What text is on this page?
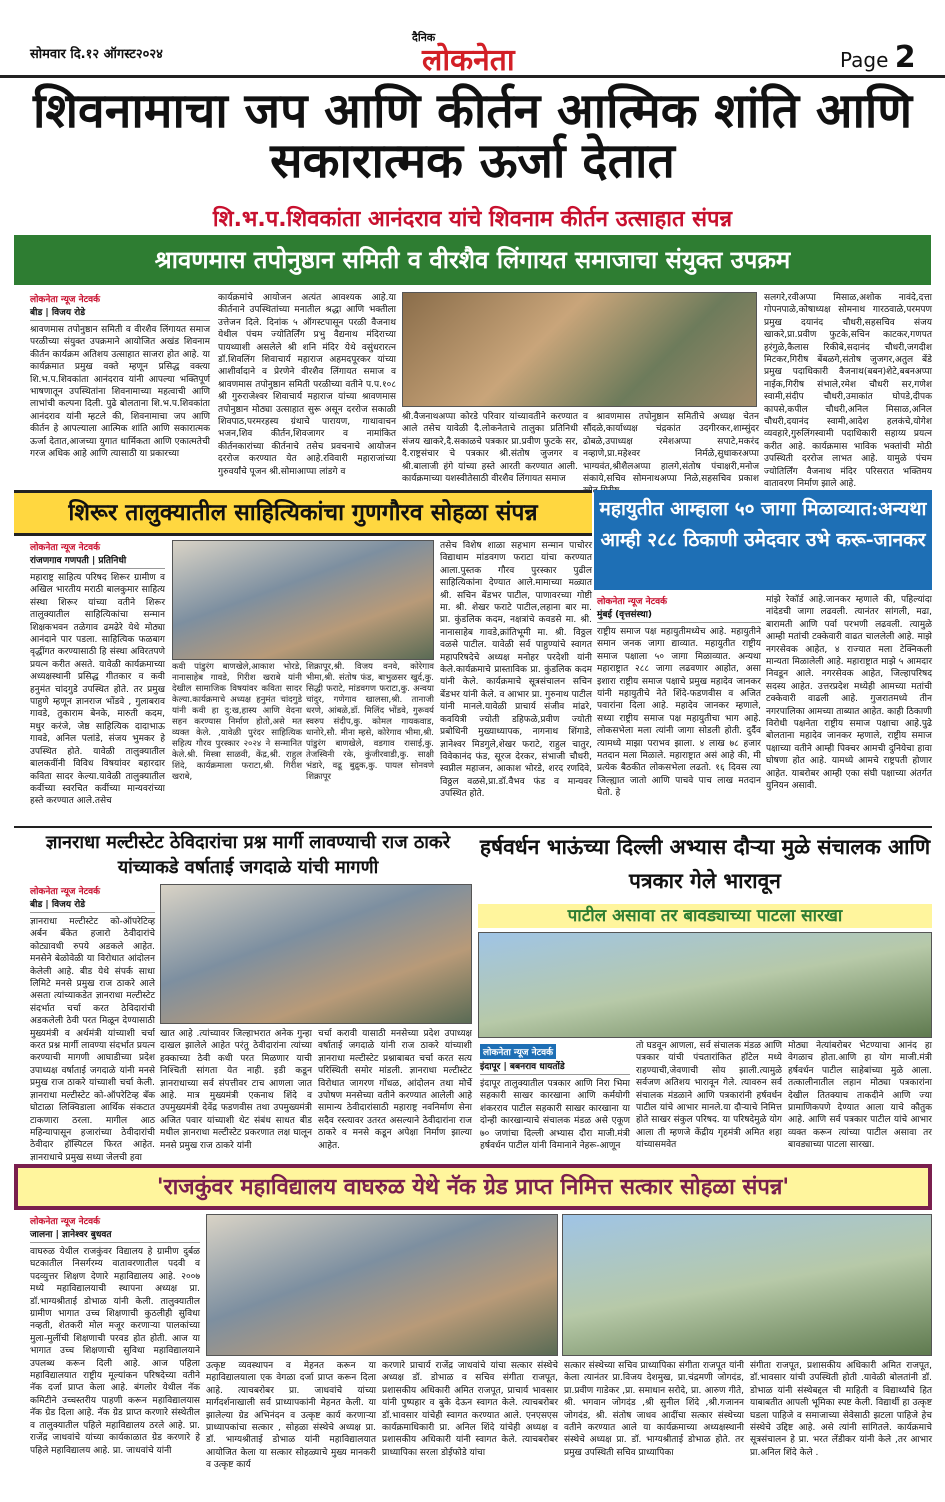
सोमवार दि.१२ ऑगस्ट२०२४
दैनिक
लोकनेता	Page 2
शिवनामाचा जप आणि कीर्तन आत्मिक शांति आणि सकारात्मक ऊर्जा देतात
शि.भ.प.शिवकांता आनंदराव यांचे शिवनाम कीर्तन उत्साहात संपन्न
श्रावणमास तपोनुष्ठान समिती व वीरशैव लिंगायत समाजाचा संयुक्त उपक्रम
लोकनेता न्यूज नेटवर्क
बीड | विजय रोडे
श्रावणमास तपोनुष्ठान समिती व वीरशैव लिंगायत समाज परळीच्या संयुक्त उपक्रमाने आयोजित अखंड शिवनाम कीर्तन कार्यक्रम अतिशय उत्साहात साजरा होत आहे. या कार्यक्रमात प्रमुख वक्ते म्हणून प्रसिद्ध वक्त्या शि.भ.प.शिवकांता आनंदराव यांनी आपल्या भक्तिपूर्ण भाषणातून उपस्थितांना शिवनामाच्या महत्वाची आणि लाभांची कल्पना दिली. पुढे बोलताना शि.भ.प.शिवकांता आनंदराव यांनी म्हटले की, शिवनामाचा जप आणि कीर्तन हे आपल्याला आत्मिक शांति आणि सकारात्मक ऊर्जा देतात,आजच्या युगात धार्मिकता आणि एकात्मतेची गरज अधिक आहे आणि त्यासाठी या प्रकारच्या
कार्यक्रमांचे आयोजन अत्यंत आवश्यक आहे.या कीर्तनाने उपस्थितांच्या मनातील श्रद्धा आणि भक्तीला उत्तेजन दिले. दिनांक ५ ऑगस्टपासून परळी वैजनाथ येथील पंचम ज्योतिर्लिंग प्रभु वैद्यनाथ मंदिराच्या पायथ्याशी असलेले श्री शनि मंदिर येथे वसुंधरारत्न डॉ.शिवलिंग शिवाचार्य महाराज अहमदपूरकर यांच्या आशीर्वादाने व प्रेरणेने वीरशैव लिंगायत समाज व श्रावणमास तपोनुष्ठान समिती परळीच्या वतीने प.प.१०८ श्री गुरुराजेश्वर शिवाचार्य महाराज यांच्या श्रावणमास तपोनुष्ठान मोठ्या उत्साहात सुरू असून दररोज सकाळी शिवपाठ,परमरहस्य ग्रंथाचे पारायण, गाथावाचन भजन,शिव कीर्तन,शिवजागर व नामांकित कीर्तनकारांच्या कीर्तनाचे तसेच प्रवचनाचे आयोजन दररोज करण्यात येत आहे.रविवारी महाराजांच्या गुरुवर्यांचे पूजन श्री.सोमाआप्पा लांडगे व
श्री.वैजनाथअप्पा कोरडे परिवार यांच्यावतीने करण्यात आले तसेच यावेळी दै.लोकनेताचे तालुका प्रतिनिधी संजय खाकरे,दै.सकाळचे पत्रकार प्रा.प्रवीण फुटके सर, दै.राष्ट्रसंचार चे पत्रकार श्री.संतोष जुजगर व श्री.बालाजी हंगे यांच्या हस्ते आरती करण्यात आली. कार्यक्रमाच्या यशस्वीतेसाठी वीरशैव लिंगायत समाज
व श्रावणमास तपोनुष्ठान समितीचे अध्यक्ष चेतन सौंदळे,कार्याध्यक्ष चंद्रकांत उदगीरकर,शाम्सुंदर ढोबळे,उपाध्यक्ष रमेशअप्पा सपाटे,मकरंद नव्हाणे,प्रा.महेश्वर निर्मळे,सुधाकरअप्पा भाग्यवंत,श्रीशैलअप्पा हालगे,संतोष पंचाक्षरी,मनोज संकाये,सचिव सोमनाथअप्पा निळे,सहसचिव प्रकाश
सलगरे,रवीअप्पा मिसाळ,अशोक नावंदे,दत्ता गोपनपाळे,कोषाध्यक्ष सोमनाथ गारठवाळे,परमपण प्रमुख दयानंद चौधरी,सहसचिव संजय खाकरे,प्रा.प्रवीण फुटके,सचिन काटकर,गणपत हरंगुळे,कैलास रिकीबे,सदानंद चौधरी,जगदीश मिटकर,गिरीष बेंबळगे,संतोष जुजगर,अतुल बेंडे प्रमुख पदाधिकारी वैजनाथ(बबन)शेटे,बबनअप्पा नाईक,गिरीष संभाले,रमेश चौधरी सर,गणेश स्वामी,संदीप चौधरी,उमाकांत घोपडे,दीपक कापसे,कपील चौधरी,अनिल मिसाळ,अनिल चौधरी,दयानंद स्वामी,आदेश हलकंचे,योगेश व्यवहारे,गुरुलिंगस्वामी पदाधिकारी सहाय्य प्रयत्न करीत आहे. कार्यक्रमास भाविक भक्तांची मोठी उपस्थिती दररोज लाभत आहे. यामुळे पंचम ज्योतिर्लिंग वैजनाथ मंदिर परिसरात भक्तिमय वातावरण निर्माण झाले आहे.
शिरूर तालुक्यातील साहित्यिकांचा गुणगौरव सोहळा संपन्न
लोकनेता न्यूज नेटवर्क
रांजणगाव गणपती | प्रतिनिधी
महाराष्ट्र साहित्य परिषद शिरूर ग्रामीण व अखिल भारतीय मराठी बालकुमार साहित्य संस्था शिरूर यांच्या वतीने शिरूर तालुक्यातील साहित्यिकांचा सन्मान शिक्षकभवन तळेगाव ढमढेरे येथे मोठ्या आनंदाने पार पडला. साहित्यिक फळबाग वृद्धींगत करण्यासाठी हि संस्था अविरतपणे प्रयत्न करीत असते. यावेळी कार्यक्रमाच्या अध्यक्षस्थानी प्रसिद्ध गीतकार व कवी हनुमंत चांदगुडे उपस्थित होते. तर प्रमुख पाहुणे म्हणून ज्ञानराज भोंडवे , गुलाबराव गावडे, तुकाराम बेनके, मारुती कदम, मधुर करंजे, जेष्ठ साहित्यिक दादाभाऊ गावडे, अनिल पलांडे, संजय भुमकर हे उपस्थित होते. यावेळी तालुक्यातील बालकवींनी विविध विषयांवर बहारदार कविता सादर केल्या.यावेळी तालुक्यातील कवींच्या स्वरचित कवींच्या मान्यवरांच्या हस्ते करण्यात आले.तसेच
कवी पांडुरंग बाणखेले,आकाश भोरडे, नानासाहेब गावडे, गिरीश खराबे यांनी देखील सामाजिक विषयांवर कविता सादर केल्या.कार्यक्रमाचे अध्यक्ष हनुमंत चांदगुडे यांनी कवी हा दु:ख,हास्य आणि वेदना सहन करण्यास निर्माण होतो,असे मत व्यक्त केले. ,यावेळी पुरंदर साहित्यिक सहित्य गौरव पुरस्कार २०२४ ने सन्मानित केले.श्री. मिस्त्रा साळवी, केंद्र,श्री. राहुल शिंदे, कार्यक्रमाला फराटा,श्री. गिरीश खराबे,
शिक्रापूर,श्री. विजय वनवे, कोरेगाव भीमा,श्री. संतोष फंड, बाभुळसर खुर्द,कु. सिद्धी फराटे, मांडवगण फराटा,कु. अन्वया चांदुर, गणेगाव खालसा,श्री. तानाजी धरणे, आंबळे,डॉ. मिलिंद भोंडवे, गुरूवर्य स्वरुप संदीप,कु. कोमल गायकवाड, धानोरे,सौ. मीना म्हसे, कोरेगाव भीमा,श्री. पांडुरंग बाणखेले, वडगाव रासाई,कु. तेजस्विनी रके, कुंजीरवाडी,कु. साक्षी भंडारे, वढू बुद्रुक,कु. पायल सोनवणे शिक्रापूर
तसेच विशेष शाळा सहभाग सन्मान पाचोरर विद्याधाम मांडवगण फराटा यांचा करण्यात आला.पुस्तक गौरव पुरस्कार पुढील साहित्यिकांना देण्यात आले.मामाच्या मळ्यात श्री. सचिन बेंडभर पाटील, पाणावरच्या गोष्टी मा. श्री. शेखर फराटे पाटील,लहाना बार मा. प्रा. कुंडलिक कदम, नक्षत्रांचे कवडसे मा. श्री. नानासाहेब गावडे,क्रांतिभूमी मा. श्री. विठ्ठल वळसे पाटील. यावेळी सर्व पाहुण्यांचे स्वागत महापरिषदेचे अध्यक्ष मनोहर परदेशी यांनी केले.कार्यक्रमाचे प्रास्ताविक प्रा. कुंडलिक कदम यांनी केले. कार्यक्रमाचे सूत्रसंचालन सचिन बेंडभर यांनी केले. व आभार प्रा. गुरुनाथ पाटील यांनी मानले.यावेळी प्राचार्य संजीव मांढरे, कवयित्री ज्योती डहिफळे,प्रवीण ज्योती प्रबोधिनी मुख्याध्यापक, नागनाथ शिंगाडे, ज्ञानेश्वर मिडगुले,शेखर फराटे, राहुल चातुर, विवेकानंद फंड, सूरज देरकर, संभाजी चौधरी, स्वप्नील महाजन, आकाश भोरडे, शरद रणदिवे, विठ्ठल वळसे,प्रा.डॉ.वैभव फंड व मान्यवर उपस्थित होते.
महायुतीत आम्हाला ५० जागा मिळाव्यात:अन्यथा आम्ही २८८ ठिकाणी उमेदवार उभे करू-जानकर
लोकनेता न्यूज नेटवर्क
मुंबई (वृत्तसंस्था)
राष्ट्रीय समाज पक्ष महायुतीमध्येच आहे. महायुतीने समान जनक जागा द्याव्यात. महायुतीत राष्ट्रीय समाज पक्षाला ५० जागा मिळाव्यात. अन्यथा महाराष्ट्रात २८८ जागा लढवणार आहोत, असा इशारा राष्ट्रीय समाज पक्षाचे प्रमुख महादेव जानकर यांनी महायुतीचे नेते शिंदे-फडणवीस व अजित पवारांना दिला आहे. महादेव जानकर म्हणाले, सध्या राष्ट्रीय समाज पक्ष महायुतीचा भाग आहे. लोकसभेला मला त्यांनी जागा सोडली होती. दुर्दैव त्यामध्ये माझा पराभव झाला. ४ लाख ७८ हजार मतदान मला मिळाले. महाराष्ट्रात असं आहे की, मी प्रत्येक बैठकीत लोकसभेला लढतो. १६ दिवस त्या जिल्ह्यात जातो आणि पाचवे पाच लाख मतदान घेतो. हे
मांझे रेकॉर्ड आहे.जानकर म्हणाले की, पहिल्यांदा नांदेडची जागा लढवली. त्यानंतर सांगली, मढा, बारामती आणि पर्वा परभणी लढवली. त्यामुळे आम्ही मतांची टक्केवारी वाढत चाललेली आहे. माझे नगरसेवक आहेत, ४ राज्यात मला टेक्निकली मान्यता मिळालेली आहे. महाराष्ट्रात माझे ५ आमदार निवडून आले. नगरसेवक आहेत, जिल्हापरिषद सदस्य आहेत. उत्तरप्रदेश मध्येही आमच्या मतांची टक्केवारी वाढली आहे. गुजरातमध्ये तीन नगरपालिका आमच्या ताब्यात आहेत. काही ठिकाणी विरोधी पक्षनेता राष्ट्रीय समाज पक्षाचा आहे.पुढे बोलताना महादेव जानकर म्हणाले, राष्ट्रीय समाज पक्षाच्या वतीने आम्ही पिक्चर आमची दुनियेचा हावा घोषणा होत आहे. यामध्ये आमचे राष्ट्रपती होणार आहेत. याबरोबर आम्ही एका संघी पक्षाच्या अंतर्गत युनियन असावी.
ज्ञानराधा मल्टीस्टेट ठेविदारांचा प्रश्न मार्गी लावण्याची राज ठाकरे यांच्याकडे वर्षाताई जगदाळे यांची मागणी
लोकनेता न्यूज नेटवर्क
बीड | विजय रोडे
ज्ञानराधा मल्टीस्टेट को-ऑपरेटिव्ह अर्बन बँकेत हजारो ठेवीदारांचे कोट्यावधी रुपये अडकले आहेत. मनसेने बेळोवेळी या विरोधात आंदोलन केलेली आहे. बीड येथे संपर्क साधा लिमिटे मनसे प्रमुख राज ठाकरे आले असता त्यांच्याकडेत ज्ञानराधा मल्टीस्टेट संदर्भात चर्चा करत ठेविदारांची अडकलेली ठेवी परत मिळून देण्यासाठी मुख्यमंत्री व अर्थमंत्री यांच्याशी चर्चा करत प्रश्न मार्गी लावण्या संदर्भात प्रयत्न करण्याची मागणी आघाडीच्या प्रदेश उपाध्यक्ष वर्षाताई जगदाळे यांनी मनसे प्रमुख राज ठाकरे यांच्याशी चर्चा केली. ज्ञानराधा मल्टीस्टेट को-ऑपरेटिव्ह बँक घोटाळा लिक्विडाला आर्थिक संकटात टाकणारा ठरला. मागील आठ महिन्यापासून हजारांच्या ठेवीदारांची ठेवीदार हॉस्पिटल फिरत आहेत. ज्ञानराधाचे प्रमुख सध्या जेलची हवा
खात आहे .त्यांच्यावर जिल्हाभरात अनेक गुन्हा दाखल झालेले आहेत परंतु ठेवीदारांना त्यांच्या हक्काच्या ठेवी कधी परत मिळणार याची निश्चिती सांगता येत नाही. इडी कडून ज्ञानराधाच्या सर्व संपत्तीवर टाच आणला जात आहे. मात्र मुख्यमंत्री एकनाथ शिंदे व उपमुख्यमंत्री देवेंद्र फडणवीस तथा उपमुख्यमंत्री अजित पवार यांच्याशी थेट संबंध साधत बीड मधील ज्ञानराधा मल्टीस्टेट प्रकरणात लक्ष घालून मनसे प्रमुख राज ठाकरे यांनी
चर्चा करावी यासाठी मनसेच्या प्रदेश उपाध्यक्ष वर्षाताई जगदाळे यांनी राज ठाकरे यांच्याशी ज्ञानराधा मल्टीस्टेट प्रश्नाबाबत चर्चा करत सत्य परिस्थिती समोर मांडली. ज्ञानराधा मल्टीस्टेट विरोधात जागरण गोंधळ, आंदोलन तथा मोर्चे उपोषण मनसेच्या वतीने करण्यात आलेली आहे सामान्य ठेवीदारांसाठी महाराष्ट्र नवनिर्माण सेना सदैव रस्त्यावर उतरत असल्याने ठेवीदारांना राज ठाकरे व मनसे कडून अपेक्षा निर्माण झाल्या आहेत.
हर्षवर्धन भाऊंच्या दिल्ली अभ्यास दौऱ्या मुळे संचालक आणि पत्रकार गेले भारावून
पाटील असावा तर बावड्याच्या पाटला सारखा
लोकनेता न्यूज नेटवर्क
इंदापूर | बबनराव धायतोंडे
इंदापूर तालुक्यातील पत्रकार आणि निरा भिमा सहकारी साखर कारखाना आणि कर्मयोगी शंकरराव पाटील सहकारी साखर कारखाना या दोन्ही कारखान्याचे संचालक मंडळ असे एकूण ७० जणांचा दिल्ली अभ्यास दौरा माजी.मंत्री हर्षवर्धन पाटील यांनी विमानाने नेहरू-आणून
तो घडवून आणला, सर्व संचालक मंडळ आणि पत्रकार यांची पंचतारांकित हॉटेल मध्ये राहण्याची,जेवणाची सोय झाली.त्यामुळे सर्वजण अतिशय भारावून गेले. त्यावरुन सर्व संचालक मंडळाने आणि पत्रकारांनी हर्षवर्धन पाटील यांचे आभार मानले.या दौऱ्याचे निमित्त होते साखर संकुल परिषद. या परिषदेमुळे योग आला ती म्हणजे केंद्रीय गृहमंत्री अमित शहा यांच्यासमवेत
मोठ्या नेत्यांबरोबर भेटण्याचा आनंद हा वेगळाच होता.आणि हा योग माजी.मंत्री हर्षवर्धन पाटील साहेबांच्या मुळे आला. तत्कालीनातील लहान मोठ्या पत्रकारांना देखील तितक्याच ताकदीने आणि ज्या प्रामाणिकपणे देण्यात आला याचे कौतुक आहे. आणि सर्व पत्रकार पाटील यांचे आभार व्यक्त करून त्यांच्या पाटील असावा तर बावड्याच्या पाटला सारखा.
'राजकुंवर महाविद्यालय वाघरुळ येथे नॅक ग्रेड प्राप्त निमित्त सत्कार सोहळा संपन्न'
लोकनेता न्यूज नेटवर्क
जालना | ज्ञानेश्वर बुधवत
वाघरुळ येथील राजकुंवर विद्यालय हे ग्रामीण दुर्बळ घटकातील निसर्गरम्य वातावरणातील पदवी व पदव्युत्तर शिक्षण देणारे महाविद्यालय आहे. २००७ मध्ये महाविद्यालयाची स्थापना अध्यक्ष प्रा. डॉ.भाग्यश्रीताई डोभाळ यांनी केली. तालुक्यातील ग्रामीण भागात उच्च शिक्षणाची कुठलीही सुविधा नव्हती, शेतकरी मोल मजूर करणाऱ्या पालकांच्या मुला-मुलींची शिक्षणाची परवड होत होती. आज या भागात उच्च शिक्षणाची सुविधा महाविद्यालयाने उपलब्ध करून दिली आहे. आज पहिला महाविद्यालयात राष्ट्रीय मूल्यांकन परिषदेच्या वतीने नॅक दर्जा प्राप्त केला आहे. बंगलोर येथील नॅक कमिटीने उच्चस्तरीय पाहणी करून महाविद्यालयास नॅक ग्रेड दिला आहे. नॅक ग्रेड प्राप्त करणारे संस्थेतील व तालुक्यातील पहिले महाविद्यालय ठरले आहे. प्रा. राजेंद्र जाधवांचे यांच्या कार्यकाळात ग्रेड करणारे हे पहिले महाविद्यालय आहे. प्रा. जाधवांचे यांनी
उत्कृष्ट व्यवस्थापन व मेहनत करून या महाविद्यालयाला एक वेगळा दर्जा प्राप्त करून दिला आहे. त्याचबरोबर प्रा. जाधवांचे यांच्या मार्गदर्शनाखाली सर्व प्राध्यापकांनी मेहनत केली. या झालेल्या ग्रेड अभिनंदन व उत्कृष्ट कार्य करणाऱ्या प्राध्यापकांचा सत्कार , सोहळा संस्थेचे अध्यक्ष प्रा. डॉ. भाग्यश्रीताई डोभाळ यांनी महाविद्यालयात आयोजित केला या सत्कार सोहळ्याचे मुख्य मानकरी व उत्कृष्ट कार्य
करणारे प्राचार्य राजेंद्र जाधवांचे यांचा सत्कार संस्थेचे अध्यक्ष डॉ. डोभाळ व सचिव संगीता राजपूत, प्रशासकीय अधिकारी अमित राजपूत, प्राचार्य भावसार यांनी पुष्पहार व बुके देऊन स्वागत केले. त्याचबरोबर डॉ.भावसार यांचेही स्वागत करण्यात आले. एनएसएस कार्यक्रमाधिकारी प्रा. अनिल शिंदे यांचेही अध्यक्ष व प्रशासकीय अधिकारी यांनी स्वागत केले. त्याचबरोबर प्राध्यापिका सरला डोईफोडे यांचा
सत्कार संस्थेच्या सचिव प्राध्यापिका संगीता राजपूत यांनी केला त्यानंतर प्रा.विजय देशमुख, प्रा.चंद्रमणी जोगदंड, प्रा.प्रवीण गाडेकर ,प्रा. समाधान सरोदे, प्रा. आरुण गीते, श्री. भगवान जोगदंड ,श्री सुनील शिंदे ,श्री.गजानन जोगदंड, श्री. संतोष जाधव आदींचा सत्कार संस्थेच्या वतीने करण्यात आले या कार्यक्रमाच्या अध्यक्षस्थानी संस्थेचे अध्यक्ष प्रा. डॉ. भाग्यश्रीताई डोभाळ होते. तर प्रमुख उपस्थिती सचिव प्राध्यापिका
संगीता राजपूत, प्रशासकीय अधिकारी अमित राजपूत, डॉ.भावसार यांची उपस्थिती होती .यावेळी बोलतांनी डॉ. डोभाळ यांनी संस्थेबद्दल ची माहिती व विद्यार्थ्यांचे हित याबाबतीत आपली भूमिका स्पष्ट केली. विद्यार्थी हा उत्कृष्ट घडला पाहिजे व समाजाच्या सेवेसाठी झटला पाहिजे हेच संस्थेचे उद्दिष्ट आहे. असे त्यांनी सांगितले. कार्यक्रमाचे सूत्रसंचालन हे प्रा. भरत लेंडीकर यांनी केले ,तर आभार प्रा.अनिल शिंदे केले .
